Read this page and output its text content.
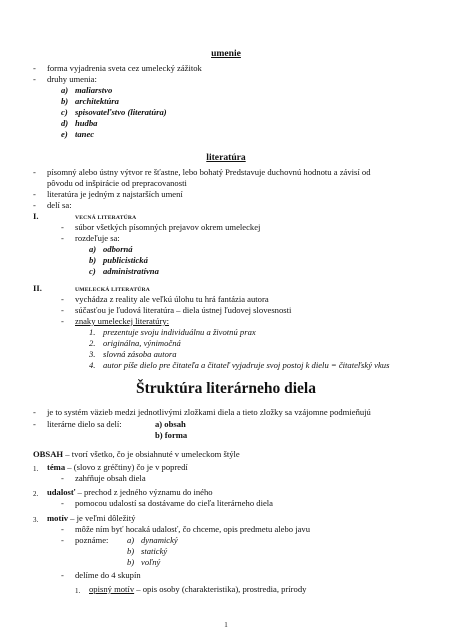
umenie
- forma vyjadrenia sveta cez umelecký zážitok
- druhy umenia:
a) maliarstvo
b) architektúra
c) spisovateľstvo (literatúra)
d) hudba
e) tanec
literatúra
- písomný alebo ústny výtvor re šťastne, lebo bohatý Predstavuje duchovnú hodnotu a závisí od
pôvodu od inšpirácie od prepracovanosti
- literatúra je jedným z najstarších umení
- delí sa:
I.	VECNÁ LITERATÚRA
- súbor všetkých písomných prejavov okrem umeleckej
- rozdeľuje sa:
a) odborná
b) publicistická
c) administratívna
II.	UMELECKÁ LITERATÚRA
- vychádza z reality ale veľkú úlohu tu hrá fantázia autora
- súčasťou je ľudová literatúra – diela ústnej ľudovej slovesnosti
- znaky umeleckej literatúry:
1. prezentuje svoju individuálnu a životnú prax
2. originálna, výnimočná
3. slovná zásoba autora
4. autor píše dielo pre čitateľa a čitateľ vyjadruje svoj postoj k dielu = čitateľský vkus
Štruktúra literárneho diela
- je to systém väzieb medzi jednotlivými zložkami diela a tieto zložky sa vzájomne podmieňujú
- literárne dielo sa delí:	a) obsah
b) forma
OBSAH – tvorí všetko, čo je obsiahnuté v umeleckom štýle
1. téma – (slovo z gréčtiny) čo je v popredí
- zahŕňuje obsah diela
2. udalosť – prechod z jedného významu do iného
- pomocou udalostí sa dostávame do cieľa literárneho diela
3. motív – je veľmi dôležitý
- môže ním byť hocaká udalosť, čo chceme, opis predmetu alebo javu
- poznáme: a) dynamický
b) statický
b) voľný
- delíme do 4 skupín
1. opisný motív – opis osoby (charakteristika), prostredia, prírody
1
